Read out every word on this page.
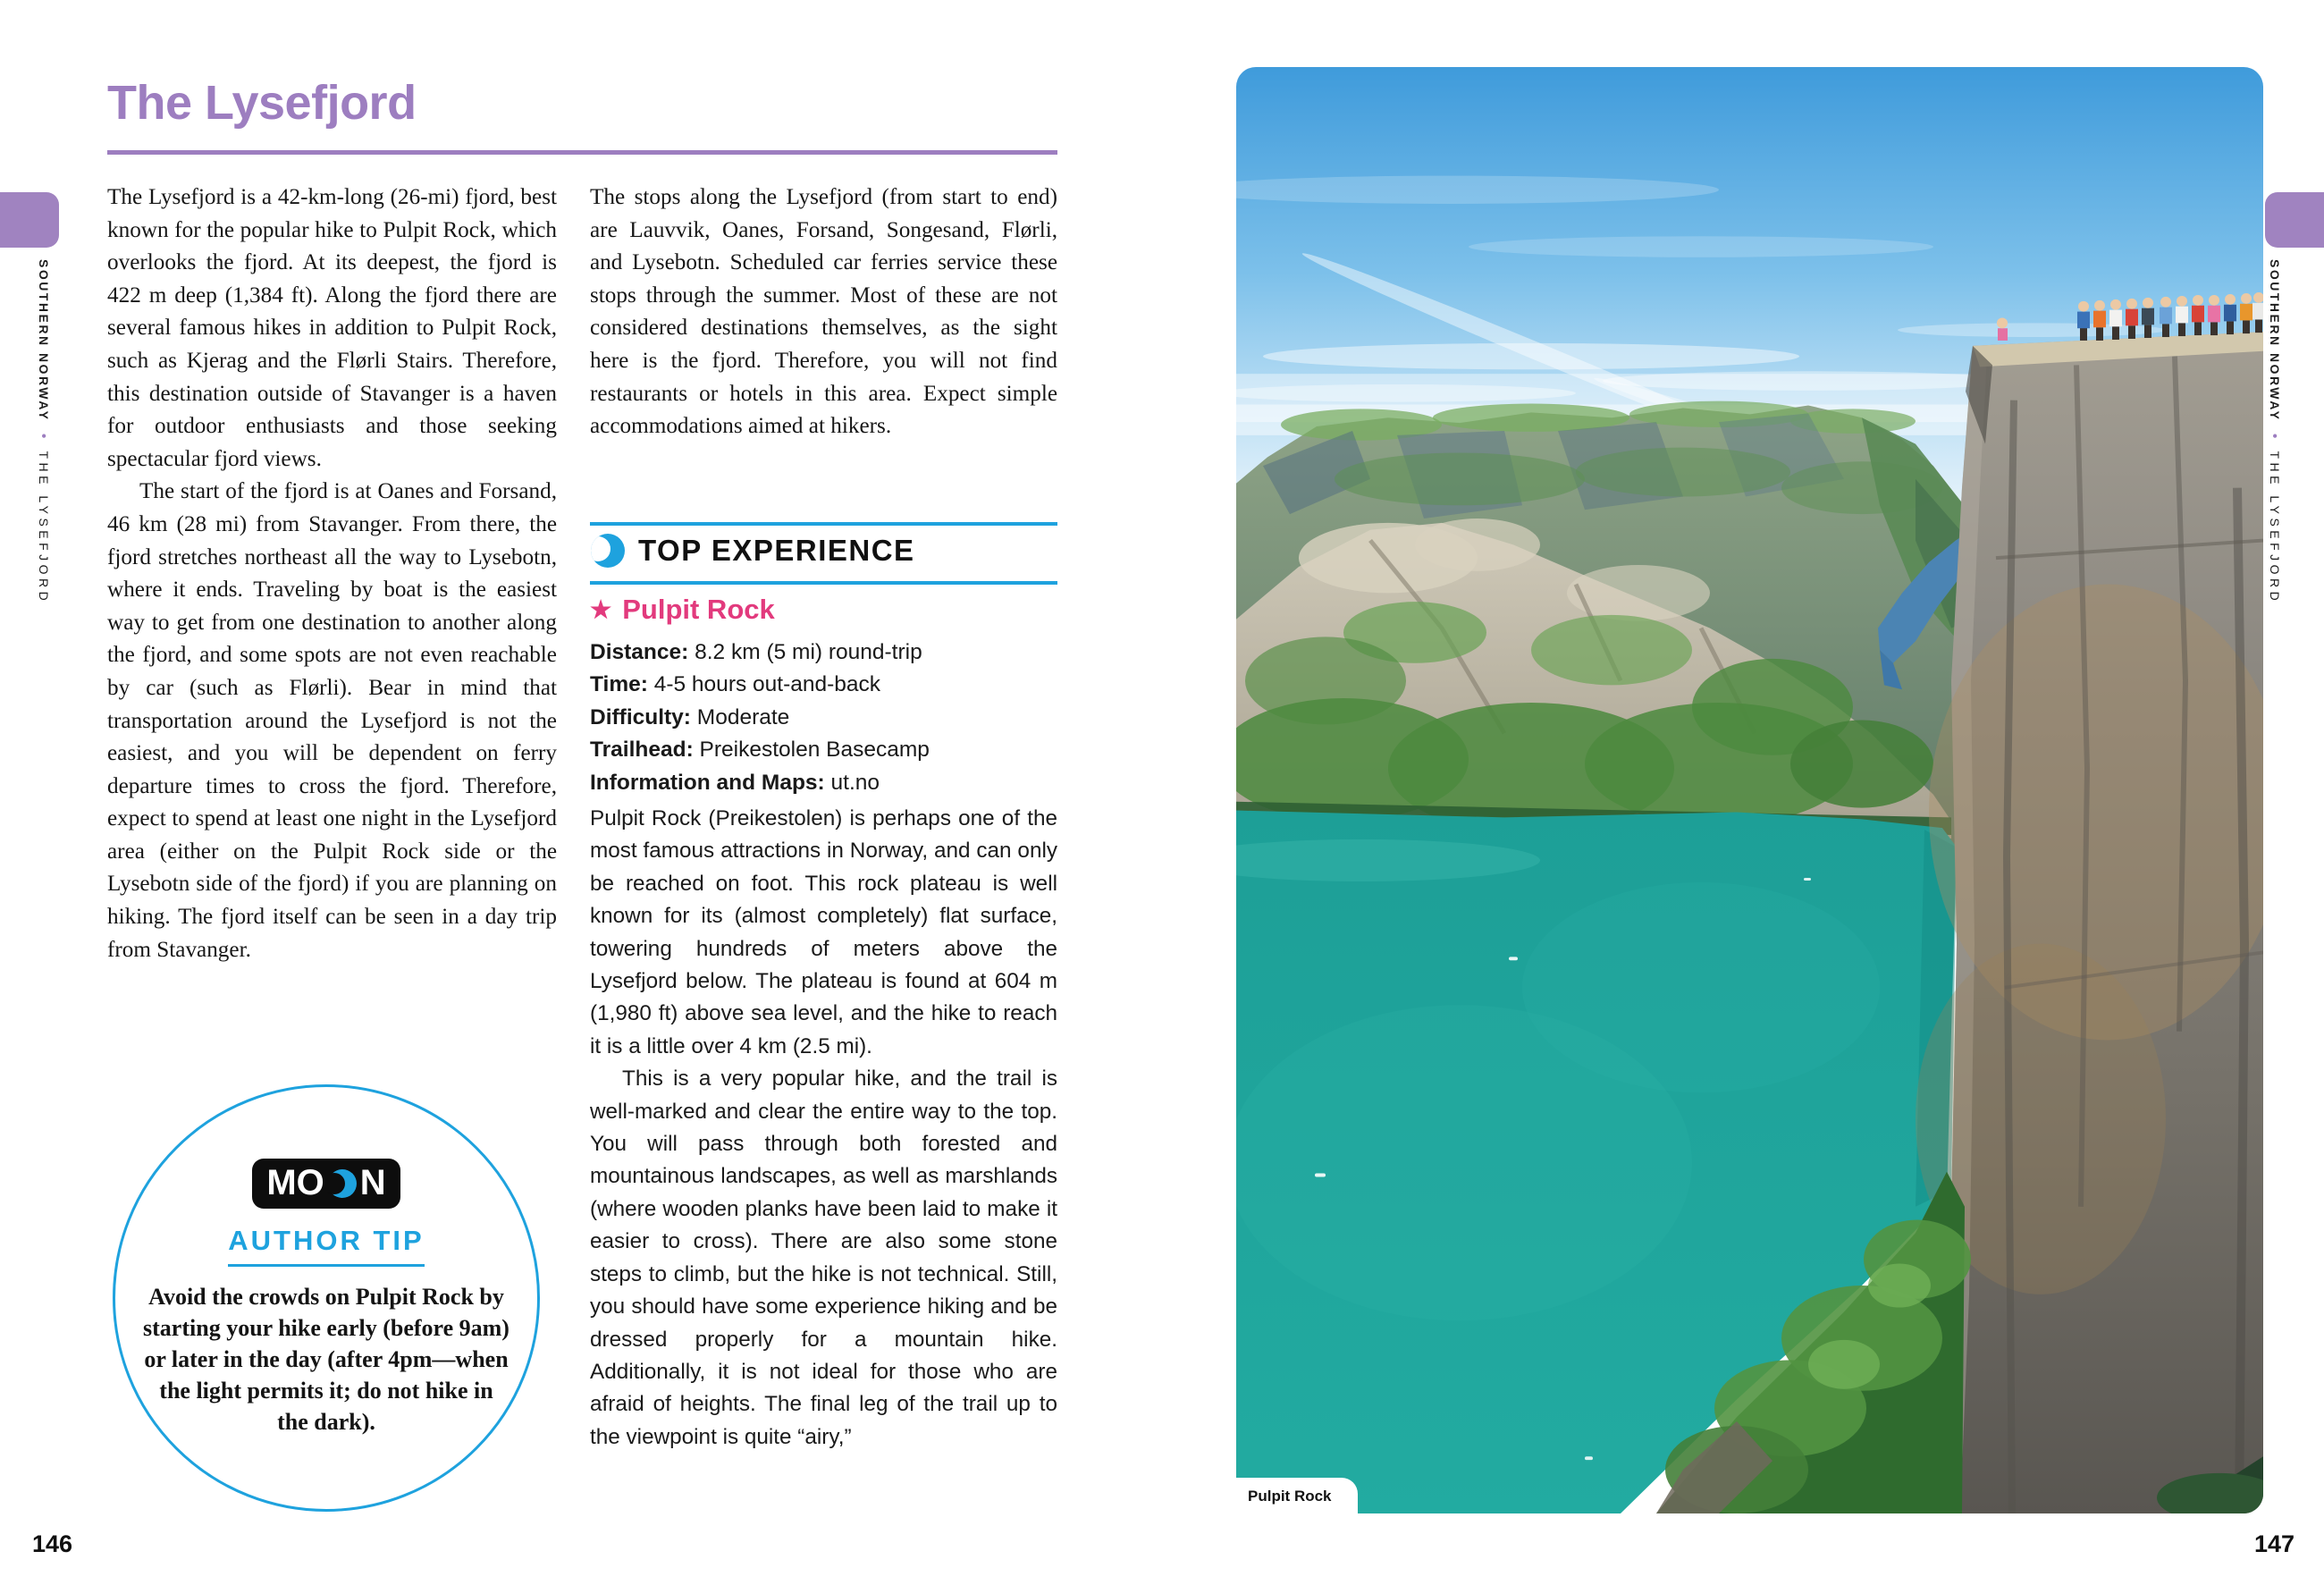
SOUTHERN NORWAY • THE LYSEFJORD
SOUTHERN NORWAY • THE LYSEFJORD
The Lysefjord

The Lysefjord is a 42-km-long (26-mi) fjord, best known for the popular hike to Pulpit Rock, which overlooks the fjord. At its deepest, the fjord is 422 m deep (1,384 ft). Along the fjord there are several famous hikes in addition to Pulpit Rock, such as Kjerag and the Flørli Stairs. Therefore, this destination outside of Stavanger is a haven for outdoor enthusiasts and those seeking spectacular fjord views.

The start of the fjord is at Oanes and Forsand, 46 km (28 mi) from Stavanger. From there, the fjord stretches northeast all the way to Lysebotn, where it ends. Traveling by boat is the easiest way to get from one destination to another along the fjord, and some spots are not even reachable by car (such as Flørli). Bear in mind that transportation around the Lysefjord is not the easiest, and you will be dependent on ferry departure times to cross the fjord. Therefore, expect to spend at least one night in the Lysefjord area (either on the Pulpit Rock side or the Lysebotn side of the fjord) if you are planning on hiking. The fjord itself can be seen in a day trip from Stavanger.

MO N
AUTHOR TIP
Avoid the crowds on Pulpit Rock by starting your hike early (before 9am) or later in the day (after 4pm—when the light permits it; do not hike in the dark).

The stops along the Lysefjord (from start to end) are Lauvvik, Oanes, Forsand, Songesand, Flørli, and Lysebotn. Scheduled car ferries service these stops through the summer. Most of these are not considered destinations themselves, as the sight here is the fjord. Therefore, you will not find restaurants or hotels in this area. Expect simple accommodations aimed at hikers.

TOP EXPERIENCE
★ Pulpit Rock
Distance: 8.2 km (5 mi) round-trip
Time: 4-5 hours out-and-back
Difficulty: Moderate
Trailhead: Preikestolen Basecamp
Information and Maps: ut.no

Pulpit Rock (Preikestolen) is perhaps one of the most famous attractions in Norway, and can only be reached on foot. This rock plateau is well known for its (almost completely) flat surface, towering hundreds of meters above the Lysefjord below. The plateau is found at 604 m (1,980 ft) above sea level, and the hike to reach it is a little over 4 km (2.5 mi).

This is a very popular hike, and the trail is well-marked and clear the entire way to the top. You will pass through both forested and mountainous landscapes, as well as marshlands (where wooden planks have been laid to make it easier to cross). There are also some stone steps to climb, but the hike is not technical. Still, you should have some experience hiking and be dressed properly for a mountain hike. Additionally, it is not ideal for those who are afraid of heights. The final leg of the trail up to the viewpoint is quite “airy,”

Pulpit Rock
146	147
